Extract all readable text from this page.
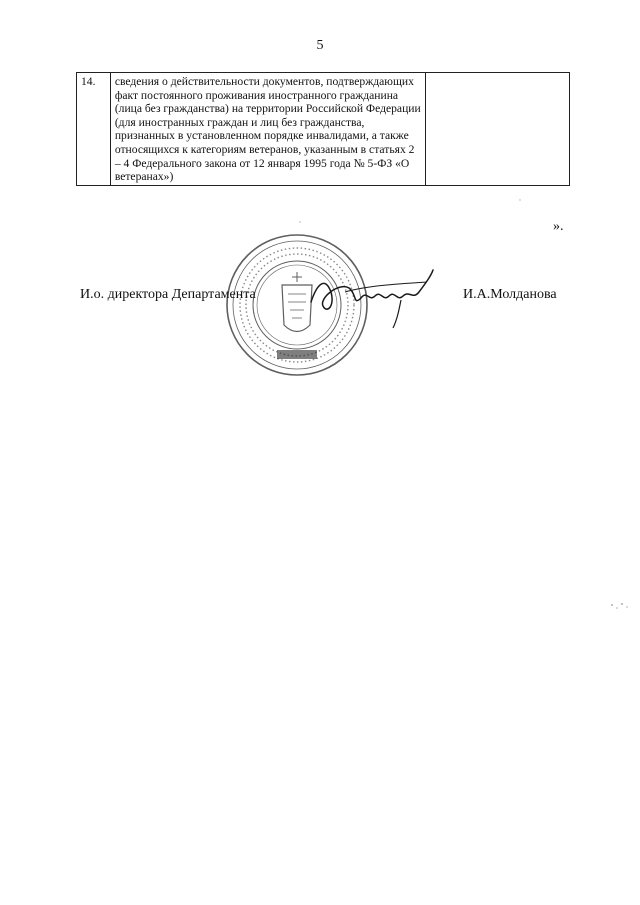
5
14.	сведения о действительности документов, подтверждающих факт постоянного проживания иностранного гражданина (лица без гражданства) на территории Российской Федерации (для иностранных граждан и лиц без гражданства, признанных в установленном порядке инвалидами, а также относящихся к категориям ветеранов, указанным в статьях 2 – 4 Федерального закона от 12 января 1995 года № 5-ФЗ «О ветеранах»)	
».
И.о. директора Департамента	И.А.Молданова
